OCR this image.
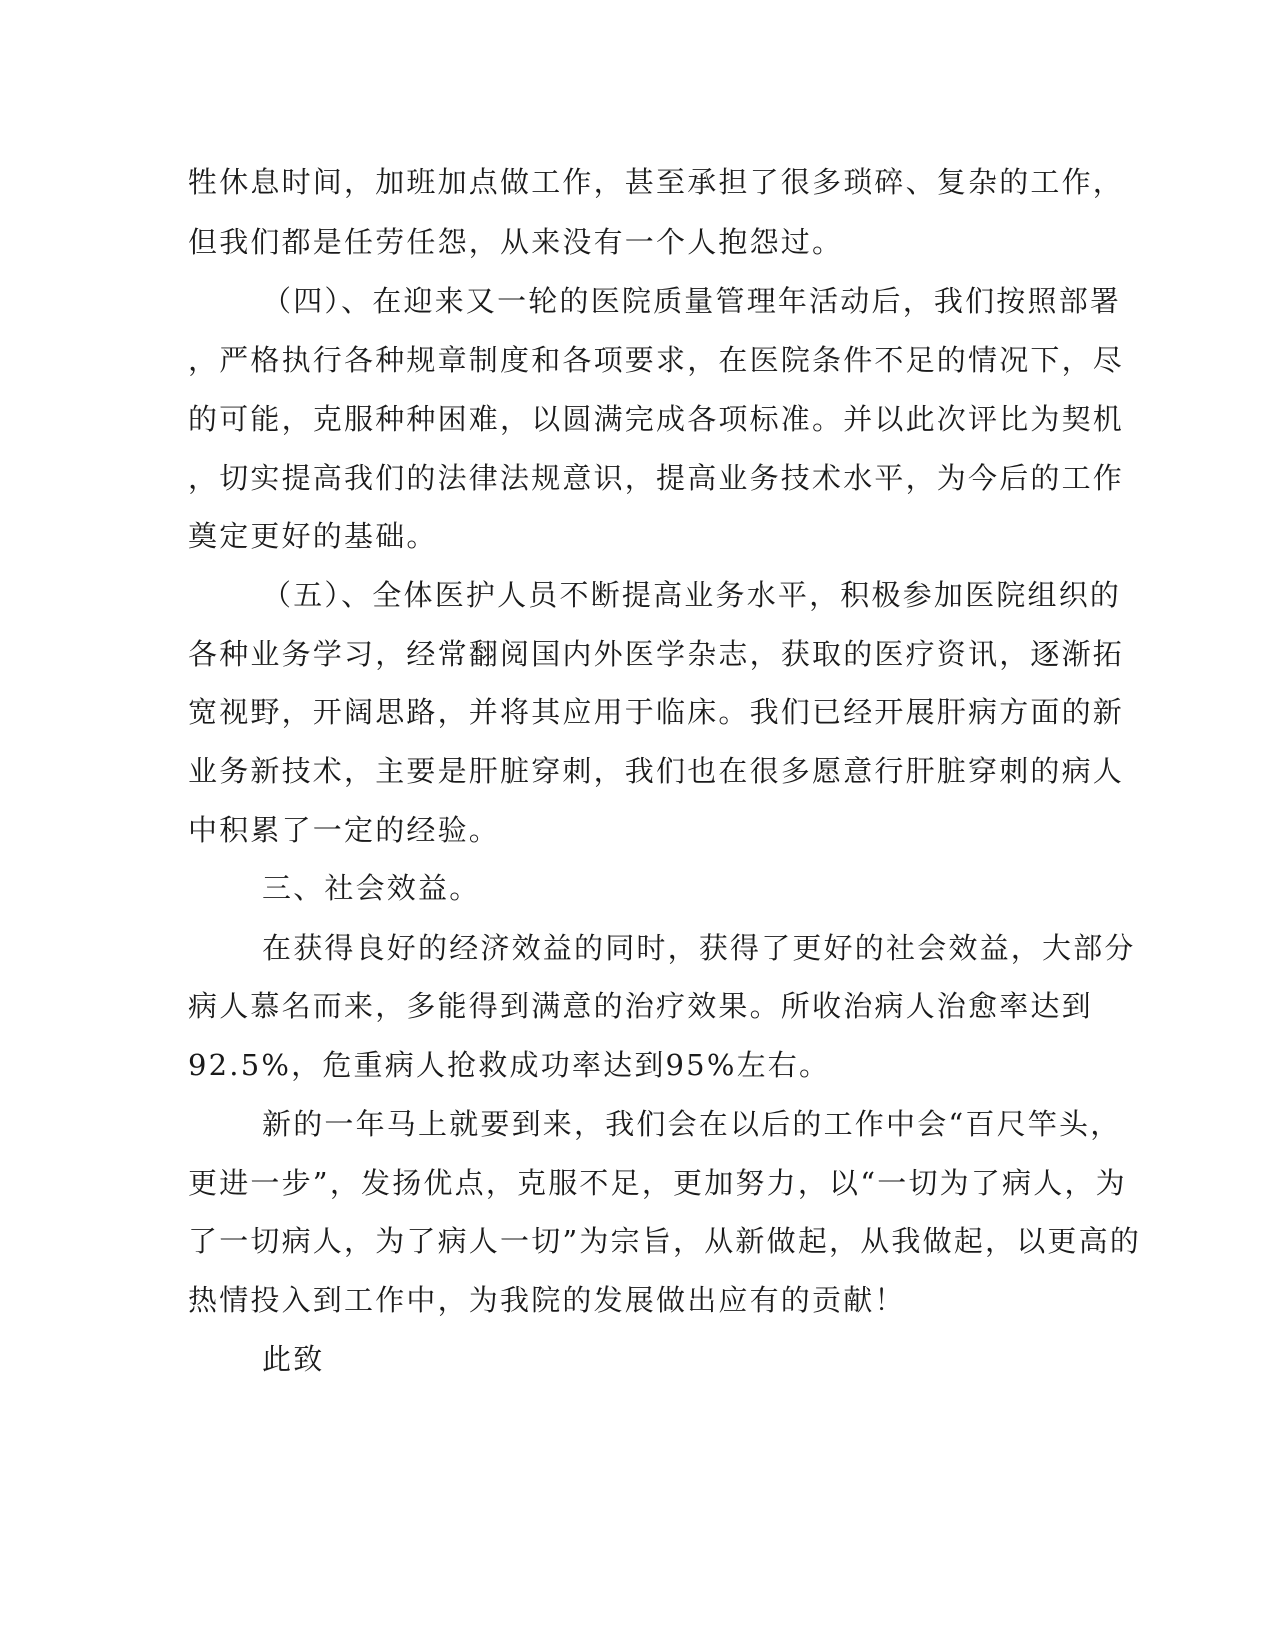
牲休息时间，加班加点做工作，甚至承担了很多琐碎、复杂的工作，
但我们都是任劳任怨，从来没有一个人抱怨过。
（四）、在迎来又一轮的医院质量管理年活动后，我们按照部署
，严格执行各种规章制度和各项要求，在医院条件不足的情况下，尽
的可能，克服种种困难，以圆满完成各项标准。并以此次评比为契机
，切实提高我们的法律法规意识，提高业务技术水平，为今后的工作
奠定更好的基础。
（五）、全体医护人员不断提高业务水平，积极参加医院组织的
各种业务学习，经常翻阅国内外医学杂志，获取的医疗资讯，逐渐拓
宽视野，开阔思路，并将其应用于临床。我们已经开展肝病方面的新
业务新技术，主要是肝脏穿刺，我们也在很多愿意行肝脏穿刺的病人
中积累了一定的经验。
三、社会效益。
在获得良好的经济效益的同时，获得了更好的社会效益，大部分
病人慕名而来，多能得到满意的治疗效果。所收治病人治愈率达到
92.5%，危重病人抢救成功率达到95%左右。
新的一年马上就要到来，我们会在以后的工作中会“百尺竿头，
更进一步”，发扬优点，克服不足，更加努力，以“一切为了病人，为
了一切病人，为了病人一切”为宗旨，从新做起，从我做起，以更高的
热情投入到工作中，为我院的发展做出应有的贡献！
此致
